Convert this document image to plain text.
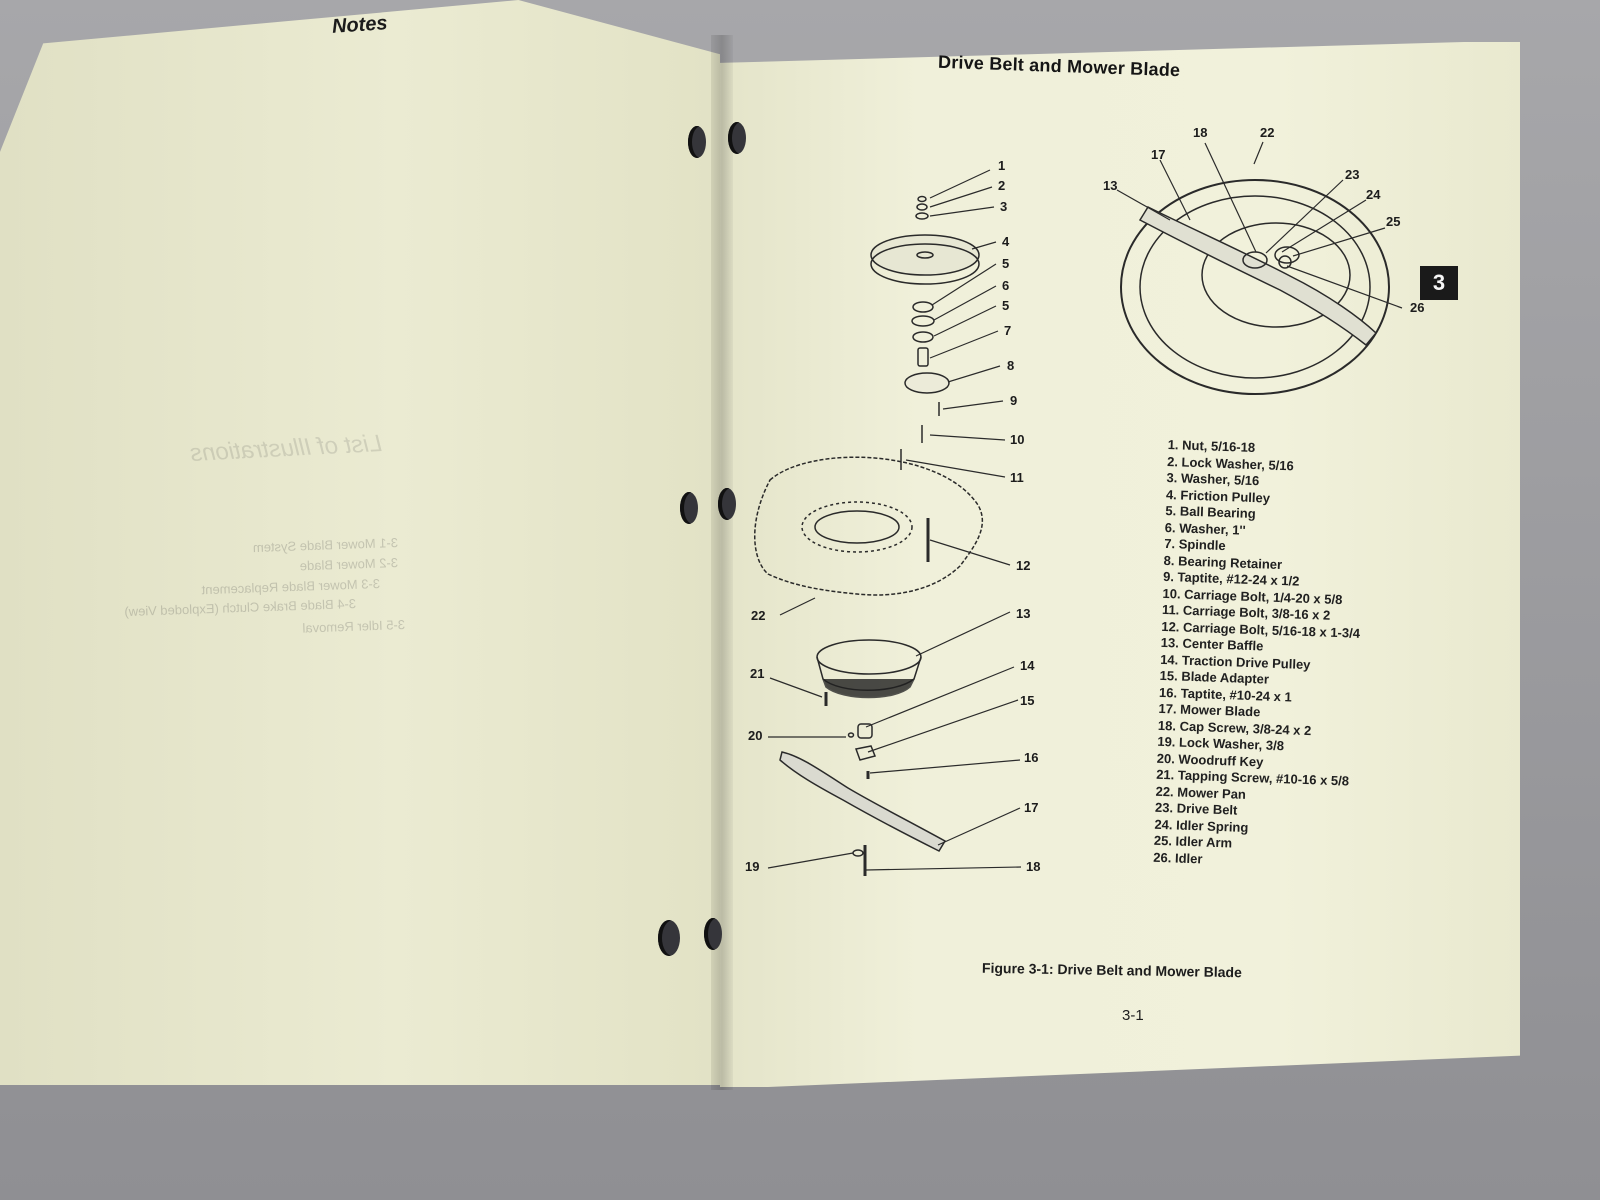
Notes
List of Illustrations
3-1 Mower Blade System
3-2 Mower Blade
3-3 Mower Blade Replacement
3-4 Blade Brake Clutch (Exploded View)
3-5 Idler Removal
Drive Belt and Mower Blade
3
1
2
3
4
5
6
5
7
8
9
10
11
12
13
14
15
16
17
18
19
20
21
22
13
17
18	22
23
24
25
26
1. Nut, 5/16-18
2. Lock Washer, 5/16
3. Washer, 5/16
4. Friction Pulley
5. Ball Bearing
6. Washer, 1''
7. Spindle
8. Bearing Retainer
9. Taptite, #12-24 x 1/2
10. Carriage Bolt, 1/4-20 x 5/8
11. Carriage Bolt, 3/8-16 x 2
12. Carriage Bolt, 5/16-18 x 1-3/4
13. Center Baffle
14. Traction Drive Pulley
15. Blade Adapter
16. Taptite, #10-24 x 1
17. Mower Blade
18. Cap Screw, 3/8-24 x 2
19. Lock Washer, 3/8
20. Woodruff Key
21. Tapping Screw, #10-16 x 5/8
22. Mower Pan
23. Drive Belt
24. Idler Spring
25. Idler Arm
26. Idler
Figure 3-1: Drive Belt and Mower Blade
3-1
